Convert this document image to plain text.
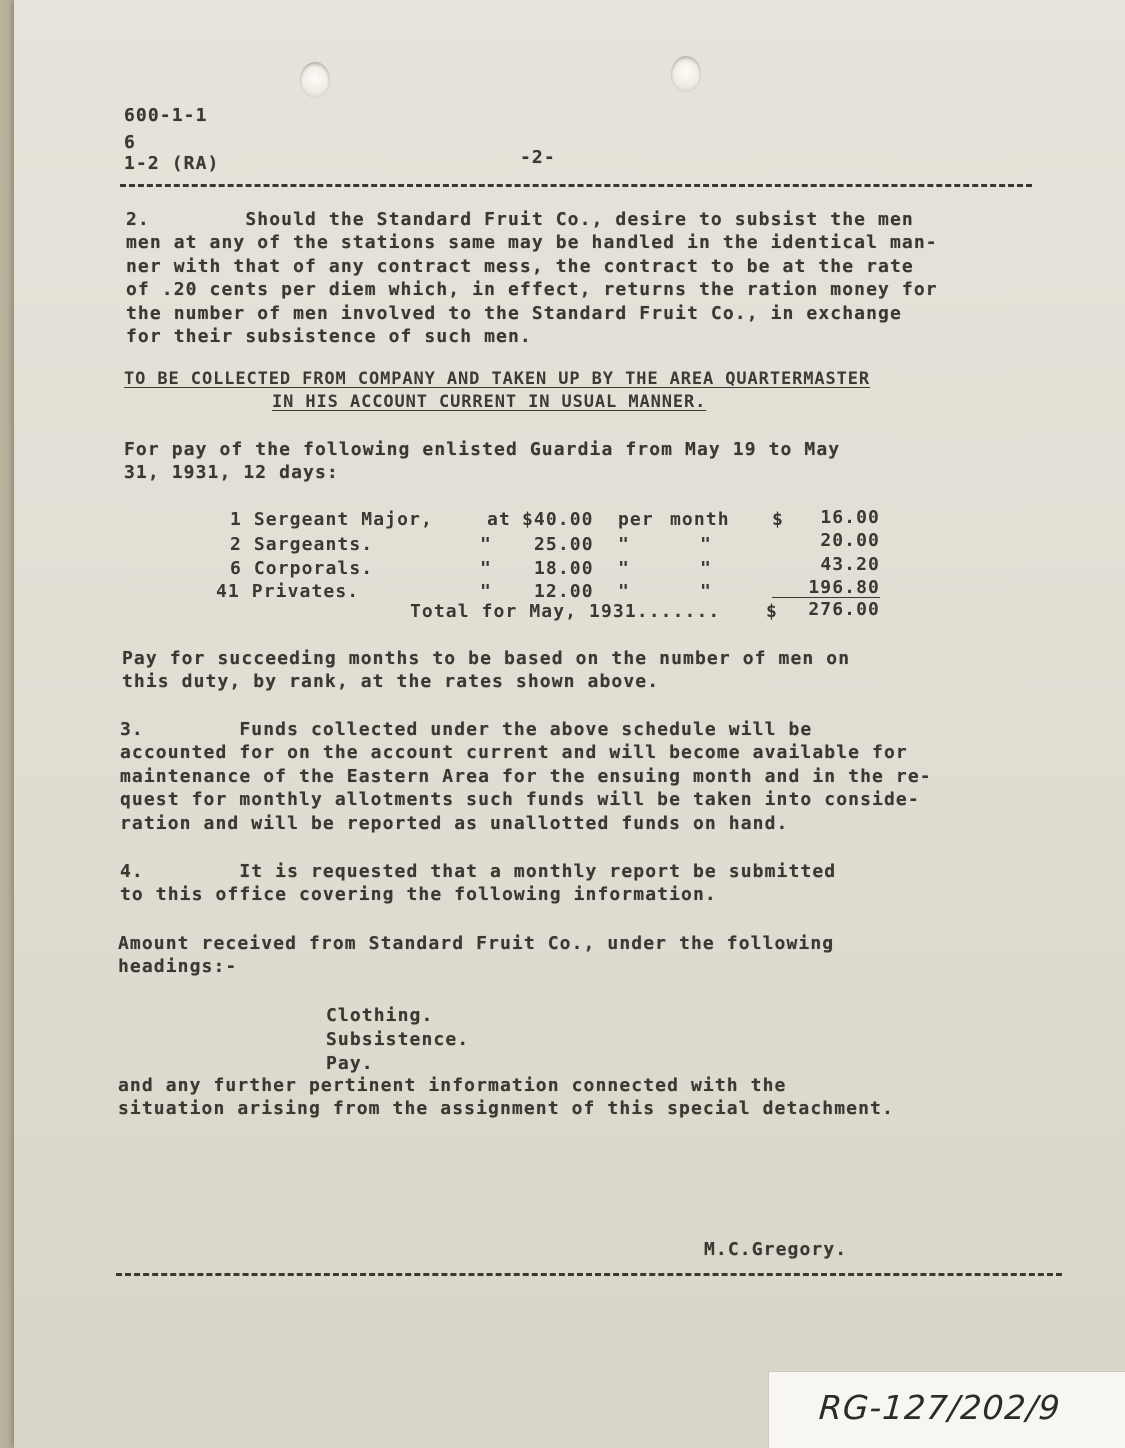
600-1-1

6

1-2 (RA)	-2-

2.        Should the Standard Fruit Co., desire to subsist the men
men at any of the stations same may be handled in the identical man-
ner with that of any contract mess, the contract to be at the rate
of .20 cents per diem which, in effect, returns the ration money for
the number of men involved to the Standard Fruit Co., in exchange
for their subsistence of such men.

TO BE COLLECTED FROM COMPANY AND TAKEN UP BY THE AREA QUARTERMASTER

IN HIS ACCOUNT CURRENT IN USUAL MANNER.

For pay of the following enlisted Guardia from May 19 to May
31, 1931, 12 days:

1 Sergeant Major,	at $40.00 per month $ 16.00
2 Sargeants.	" 25.00 "	"	20.00
6 Corporals.	" 18.00 "	"	43.20
41 Privates.	" 12.00 "	"	196.80
Total for May, 1931.......	$ 276.00

Pay for succeeding months to be based on the number of men on
this duty, by rank, at the rates shown above.

3.        Funds collected under the above schedule will be
accounted for on the account current and will become available for
maintenance of the Eastern Area for the ensuing month and in the re-
quest for monthly allotments such funds will be taken into conside-
ration and will be reported as unallotted funds on hand.

4.        It is requested that a monthly report be submitted
to this office covering the following information.

Amount received from Standard Fruit Co., under the following
headings:-

Clothing.

Subsistence.

Pay.

and any further pertinent information connected with the
situation arising from the assignment of this special detachment.

M.C.Gregory.

RG-127/202/9
